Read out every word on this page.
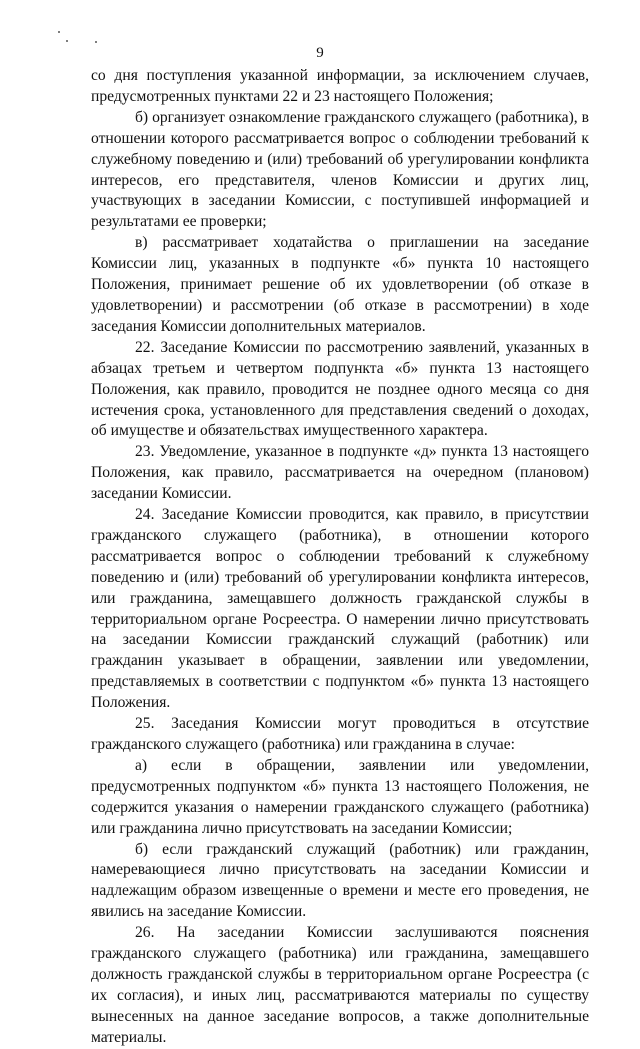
9

со дня поступления указанной информации, за исключением случаев, предусмотренных пунктами 22 и 23 настоящего Положения;

б) организует ознакомление гражданского служащего (работника), в отношении которого рассматривается вопрос о соблюдении требований к служебному поведению и (или) требований об урегулировании конфликта интересов, его представителя, членов Комиссии и других лиц, участвующих в заседании Комиссии, с поступившей информацией и результатами ее проверки;

в) рассматривает ходатайства о приглашении на заседание Комиссии лиц, указанных в подпункте «б» пункта 10 настоящего Положения, принимает решение об их удовлетворении (об отказе в удовлетворении) и рассмотрении (об отказе в рассмотрении) в ходе заседания Комиссии дополнительных материалов.

22. Заседание Комиссии по рассмотрению заявлений, указанных в абзацах третьем и четвертом подпункта «б» пункта 13 настоящего Положения, как правило, проводится не позднее одного месяца со дня истечения срока, установленного для представления сведений о доходах, об имуществе и обязательствах имущественного характера.

23. Уведомление, указанное в подпункте «д» пункта 13 настоящего Положения, как правило, рассматривается на очередном (плановом) заседании Комиссии.

24. Заседание Комиссии проводится, как правило, в присутствии гражданского служащего (работника), в отношении которого рассматривается вопрос о соблюдении требований к служебному поведению и (или) требований об урегулировании конфликта интересов, или гражданина, замещавшего должность гражданской службы в территориальном органе Росреестра. О намерении лично присутствовать на заседании Комиссии гражданский служащий (работник) или гражданин указывает в обращении, заявлении или уведомлении, представляемых в соответствии с подпунктом «б» пункта 13 настоящего Положения.

25. Заседания Комиссии могут проводиться в отсутствие гражданского служащего (работника) или гражданина в случае:

а) если в обращении, заявлении или уведомлении, предусмотренных подпунктом «б» пункта 13 настоящего Положения, не содержится указания о намерении гражданского служащего (работника) или гражданина лично присутствовать на заседании Комиссии;

б) если гражданский служащий (работник) или гражданин, намеревающиеся лично присутствовать на заседании Комиссии и надлежащим образом извещенные о времени и месте его проведения, не явились на заседание Комиссии.

26. На заседании Комиссии заслушиваются пояснения гражданского служащего (работника) или гражданина, замещавшего должность гражданской службы в территориальном органе Росреестра (с их согласия), и иных лиц, рассматриваются материалы по существу вынесенных на данное заседание вопросов, а также дополнительные материалы.
